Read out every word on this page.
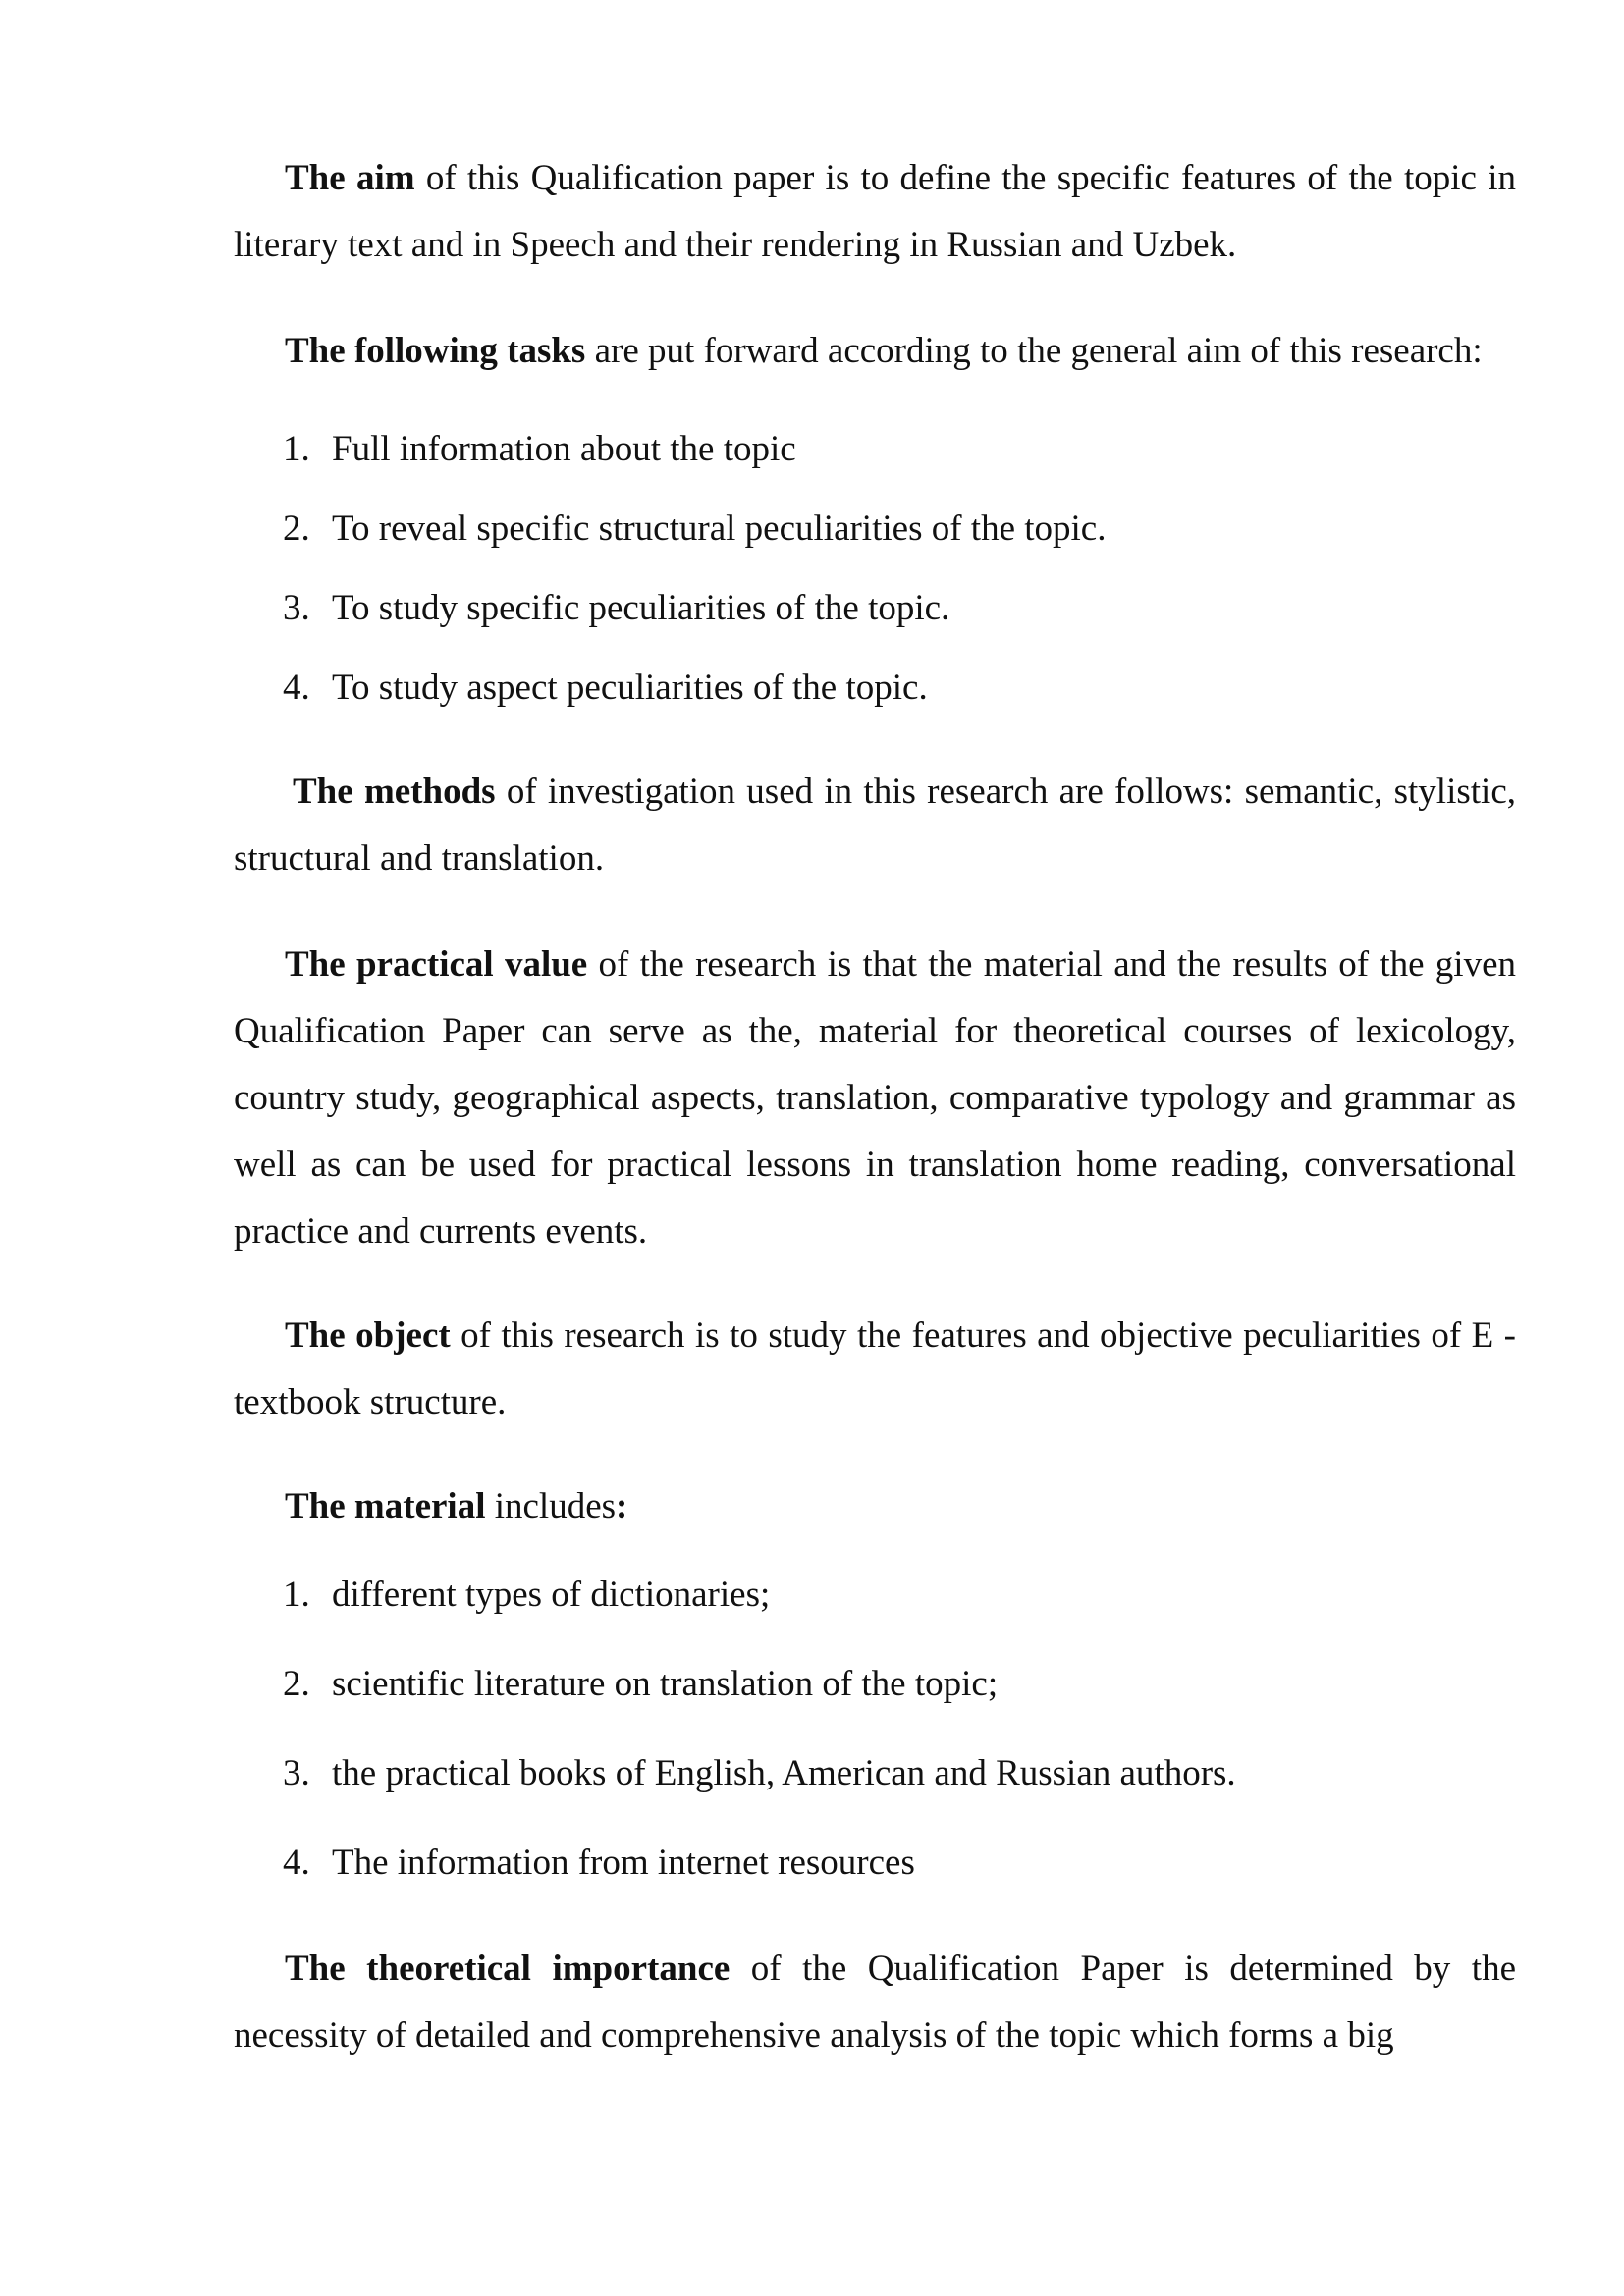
The aim of this Qualification paper is to define the specific features of the topic in literary text and in Speech and their rendering in Russian and Uzbek.

The following tasks are put forward according to the general aim of this research:

1. Full information about the topic
2. To reveal specific structural peculiarities of the topic.
3. To study specific peculiarities of the topic.
4. To study aspect peculiarities of the topic.

The methods of investigation used in this research are follows: semantic, stylistic, structural and translation.

The practical value of the research is that the material and the results of the given Qualification Paper can serve as the, material for theoretical courses of lexicology, country study, geographical aspects, translation, comparative typology and grammar as well as can be used for practical lessons in translation home reading, conversational practice and currents events.

The object of this research is to study the features and objective peculiarities of E - textbook structure.

The material includes:

1. different types of dictionaries;
2. scientific literature on translation of the topic;
3. the practical books of English, American and Russian authors.
4. The information from internet resources

The theoretical importance of the Qualification Paper is determined by the necessity of detailed and comprehensive analysis of the topic which forms a big
